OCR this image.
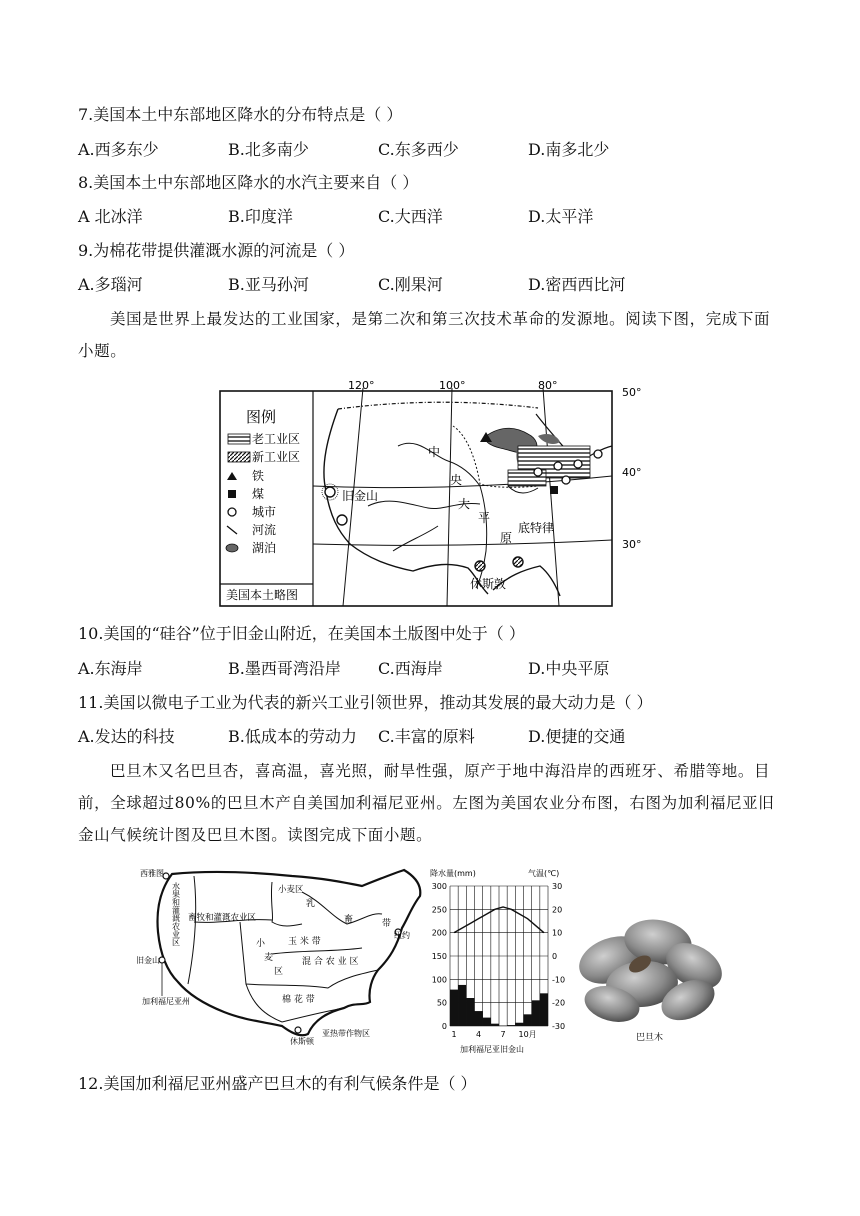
7.美国本土中东部地区降水的分布特点是（ ）
A.西多东少	B.北多南少	C.东多西少	D.南多北少
8.美国本土中东部地区降水的水汽主要来自（ ）
A 北冰洋	B.印度洋	C.大西洋	D.太平洋
9.为棉花带提供灌溉水源的河流是（ ）
A.多瑙河	B.亚马孙河	C.刚果河	D.密西西比河
美国是世界上最发达的工业国家，是第二次和第三次技术革命的发源地。阅读下图，完成下面小题。
120°	100°	80°
50°
40°
30°
旧金山
中
央
大
平
原
底特律
休斯敦
图例
老工业区
新工业区
铁
煤
城市
河流
湖泊
美国本土略图
10.美国的“硅谷”位于旧金山附近，在美国本土版图中处于（ ）
A.东海岸	B.墨西哥湾沿岸 C.西海岸	D.中央平原
11.美国以微电子工业为代表的新兴工业引领世界，推动其发展的最大动力是（ ）
A.发达的科技	B.低成本的劳动力 C.丰富的原料	D.便捷的交通
巴旦木又名巴旦杏，喜高温，喜光照，耐旱性强，原产于地中海沿岸的西班牙、希腊等地。目前，全球超过80%的巴旦木产自美国加利福尼亚州。左图为美国农业分布图，右图为加利福尼亚旧金山气候统计图及巴旦木图。读图完成下面小题。
西雅图
旧金山
加利福尼亚州
小麦区
畜牧和灌溉农业区
乳
畜	带
纽约
小
麦
区
玉 米 带
混 合 农 业 区
棉 花 带
亚热带作物区
休斯顿
水果和灌溉农业区
降水量(mm)	气温(℃)
300
250
200
150
100
50
0
30
20
10
0
-10
-20
-30
1 4 7 10月
加利福尼亚旧金山
巴旦木
12.美国加利福尼亚州盛产巴旦木的有利气候条件是（ ）
